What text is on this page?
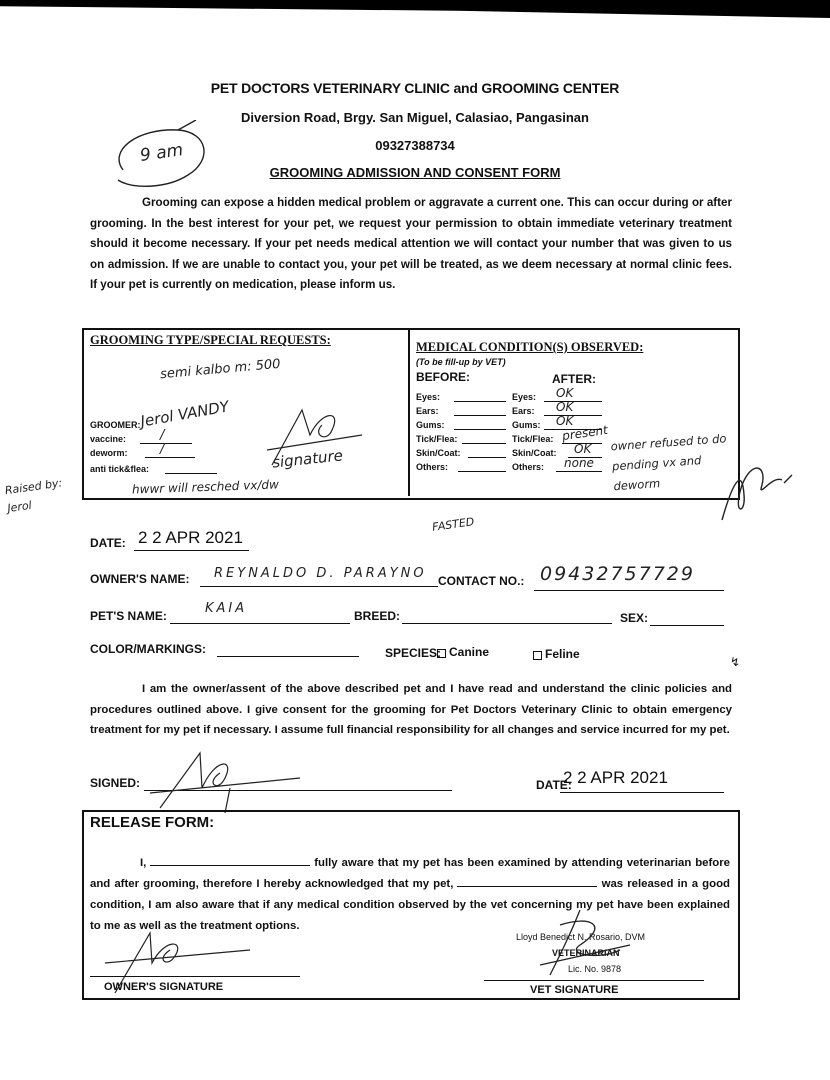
PET DOCTORS VETERINARY CLINIC and GROOMING CENTER
Diversion Road, Brgy. San Miguel, Calasiao, Pangasinan
09327388734
GROOMING ADMISSION AND CONSENT FORM
9 am
Grooming can expose a hidden medical problem or aggravate a current one. This can occur during or after grooming. In the best interest for your pet, we request your permission to obtain immediate veterinary treatment should it become necessary. If your pet needs medical attention we will contact your number that was given to us on admission. If we are unable to contact you, your pet will be treated, as we deem necessary at normal clinic fees. If your pet is currently on medication, please inform us.
GROOMING TYPE/SPECIAL REQUESTS:
semi kalbo m: 500
GROOMER:
Jerol VANDY
vaccine:	/
deworm: /
anti tick&flea:	signature
hwwr will resched vx/dw
MEDICAL CONDITION(S) OBSERVED:
(To be fill-up by VET)
BEFORE:	AFTER:
Eyes:	Eyes: OK
Ears:	Ears: OK
Gums:	Gums: OK
Tick/Flea:	Tick/Flea: present
Skin/Coat:	Skin/Coat: OK
Others:	Others: none
owner refused to do pending vx and deworm
Raised by: Jerol
FASTED
DATE: 2 2 APR 2021
OWNER'S NAME: REYNALDO D. PARAYNO CONTACT NO.: 09432757729
PET'S NAME:	KAIA	BREED:	SEX:
COLOR/MARKINGS:	SPECIES: Canine	Feline
↯
I am the owner/assent of the above described pet and I have read and understand the clinic policies and procedures outlined above. I give consent for the grooming for Pet Doctors Veterinary Clinic to obtain emergency treatment for my pet if necessary. I assume full financial responsibility for all changes and service incurred for my pet.
SIGNED:	DATE:
2 2 APR 2021
RELEASE FORM:
I,	fully aware that my pet has been examined by attending veterinarian before and after grooming, therefore I hereby acknowledged that my pet,	was released in a good condition, I am also aware that if any medical condition observed by the vet concerning my pet have been explained to me as well as the treatment options.
OWNER'S SIGNATURE
Lloyd Benedict N. Rosario, DVM
VETERINARIAN
Lic. No. 9878
VET SIGNATURE
